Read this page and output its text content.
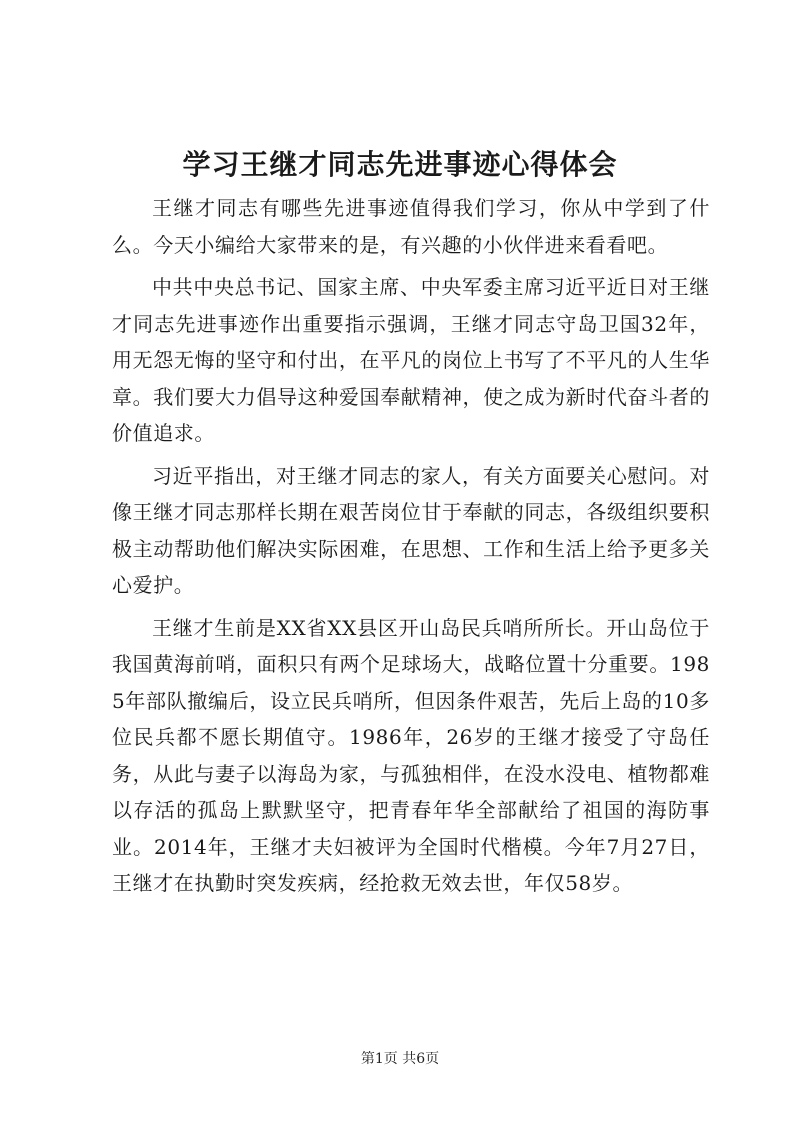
学习王继才同志先进事迹心得体会

王继才同志有哪些先进事迹值得我们学习，你从中学到了什么。今天小编给大家带来的是，有兴趣的小伙伴进来看看吧。

中共中央总书记、国家主席、中央军委主席习近平近日对王继才同志先进事迹作出重要指示强调，王继才同志守岛卫国32年，用无怨无悔的坚守和付出，在平凡的岗位上书写了不平凡的人生华章。我们要大力倡导这种爱国奉献精神，使之成为新时代奋斗者的价值追求。

习近平指出，对王继才同志的家人，有关方面要关心慰问。对像王继才同志那样长期在艰苦岗位甘于奉献的同志，各级组织要积极主动帮助他们解决实际困难，在思想、工作和生活上给予更多关心爱护。

王继才生前是XX省XX县区开山岛民兵哨所所长。开山岛位于我国黄海前哨，面积只有两个足球场大，战略位置十分重要。1985年部队撤编后，设立民兵哨所，但因条件艰苦，先后上岛的10多位民兵都不愿长期值守。1986年，26岁的王继才接受了守岛任务，从此与妻子以海岛为家，与孤独相伴，在没水没电、植物都难以存活的孤岛上默默坚守，把青春年华全部献给了祖国的海防事业。2014年，王继才夫妇被评为全国时代楷模。今年7月27日，王继才在执勤时突发疾病，经抢救无效去世，年仅58岁。

第1页 共6页
